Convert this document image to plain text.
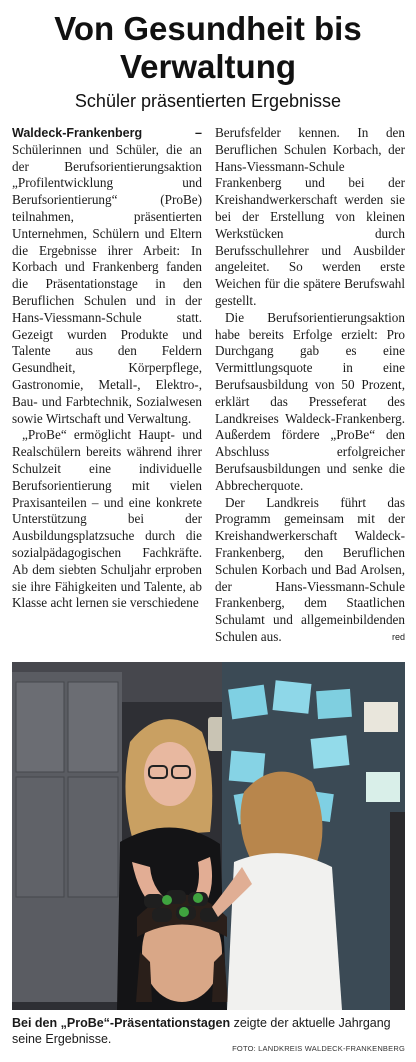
Von Gesundheit bis
Verwaltung
Schüler präsentierten Ergebnisse

Waldeck-Frankenberg – Schülerinnen und Schüler, die an der Berufsorientierungsaktion „Profilentwicklung und Berufsorientierung“ (ProBe) teilnahmen, präsentierten Unternehmen, Schülern und Eltern die Ergebnisse ihrer Arbeit: In Korbach und Frankenberg fanden die Präsentationstage in den Beruflichen Schulen und in der Hans-Viessmann-Schule statt. Gezeigt wurden Produkte und Talente aus den Feldern Gesundheit, Körperpflege, Gastronomie, Metall-, Elektro-, Bau- und Farbtechnik, Sozialwesen sowie Wirtschaft und Verwaltung.

„ProBe“ ermöglicht Haupt- und Realschülern bereits während ihrer Schulzeit eine individuelle Berufsorientierung mit vielen Praxisanteilen – und eine konkrete Unterstützung bei der Ausbildungsplatzsuche durch die sozialpädagogischen Fachkräfte. Ab dem siebten Schuljahr erproben sie ihre Fähigkeiten und Talente, ab Klasse acht lernen sie verschiedene

Berufsfelder kennen. In den Beruflichen Schulen Korbach, der Hans-Viessmann-Schule Frankenberg und bei der Kreishandwerkerschaft werden sie bei der Erstellung von kleinen Werkstücken durch Berufsschullehrer und Ausbilder angeleitet. So werden erste Weichen für die spätere Berufswahl gestellt.

Die Berufsorientierungsaktion habe bereits Erfolge erzielt: Pro Durchgang gab es eine Vermittlungsquote in eine Berufsausbildung von 50 Prozent, erklärt das Presseferat des Landkreises Waldeck-Frankenberg. Außerdem fördere „ProBe“ den Abschluss erfolgreicher Berufsausbildungen und senke die Abbrecherquote.

Der Landkreis führt das Programm gemeinsam mit der Kreishandwerkerschaft Waldeck-Frankenberg, den Beruflichen Schulen Korbach und Bad Arolsen, der Hans-Viessmann-Schule Frankenberg, dem Staatlichen Schulamt und allgemeinbildenden Schulen aus.	red

Bei den „ProBe“-Präsentationstagen zeigte der aktuelle Jahrgang seine Ergebnisse.
FOTO: LANDKREIS WALDECK-FRANKENBERG
